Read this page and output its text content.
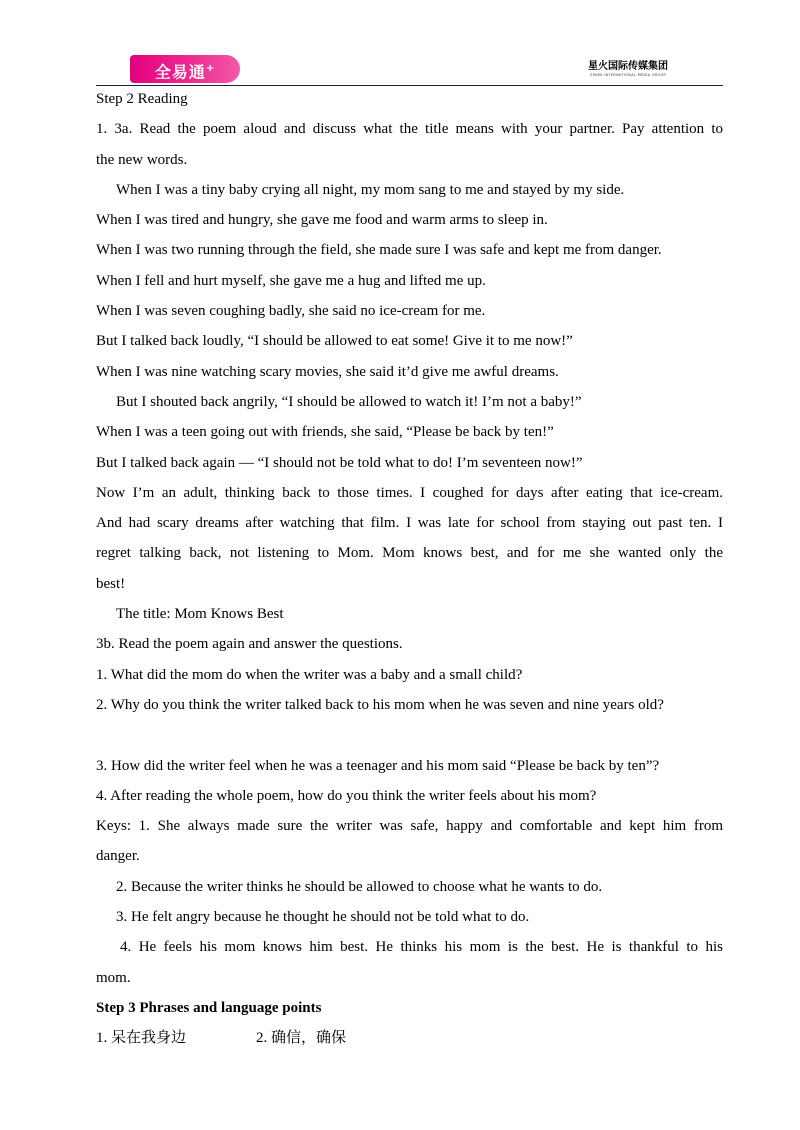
全易通+	星火国际传媒集团
SPARK INTERNATIONAL MEDIA GROUP
Step 2 Reading
1. 3a. Read the poem aloud and discuss what the title means with your partner. Pay attention to
the new words.
When I was a tiny baby crying all night, my mom sang to me and stayed by my side.
When I was tired and hungry, she gave me food and warm arms to sleep in.
When I was two running through the field, she made sure I was safe and kept me from danger.
When I fell and hurt myself, she gave me a hug and lifted me up.
When I was seven coughing badly, she said no ice-cream for me.
But I talked back loudly, “I should be allowed to eat some! Give it to me now!”
When I was nine watching scary movies, she said it’d give me awful dreams.
But I shouted back angrily, “I should be allowed to watch it! I’m not a baby!”
When I was a teen going out with friends, she said, “Please be back by ten!”
But I talked back again — “I should not be told what to do! I’m seventeen now!”
Now I’m an adult, thinking back to those times. I coughed for days after eating that ice-cream.
And had scary dreams after watching that film. I was late for school from staying out past ten. I
regret talking back, not listening to Mom. Mom knows best, and for me she wanted only the
best!
The title: Mom Knows Best
3b. Read the poem again and answer the questions.
1. What did the mom do when the writer was a baby and a small child?
2. Why do you think the writer talked back to his mom when he was seven and nine years old?
3. How did the writer feel when he was a teenager and his mom said “Please be back by ten”?
4. After reading the whole poem, how do you think the writer feels about his mom?
Keys: 1. She always made sure the writer was safe, happy and comfortable and kept him from
danger.
2. Because the writer thinks he should be allowed to choose what he wants to do.
3. He felt angry because he thought he should not be told what to do.
4. He feels his mom knows him best. He thinks his mom is the best. He is thankful to his
mom.
Step 3 Phrases and language points
1. 呆在我身边	2. 确信，确保
